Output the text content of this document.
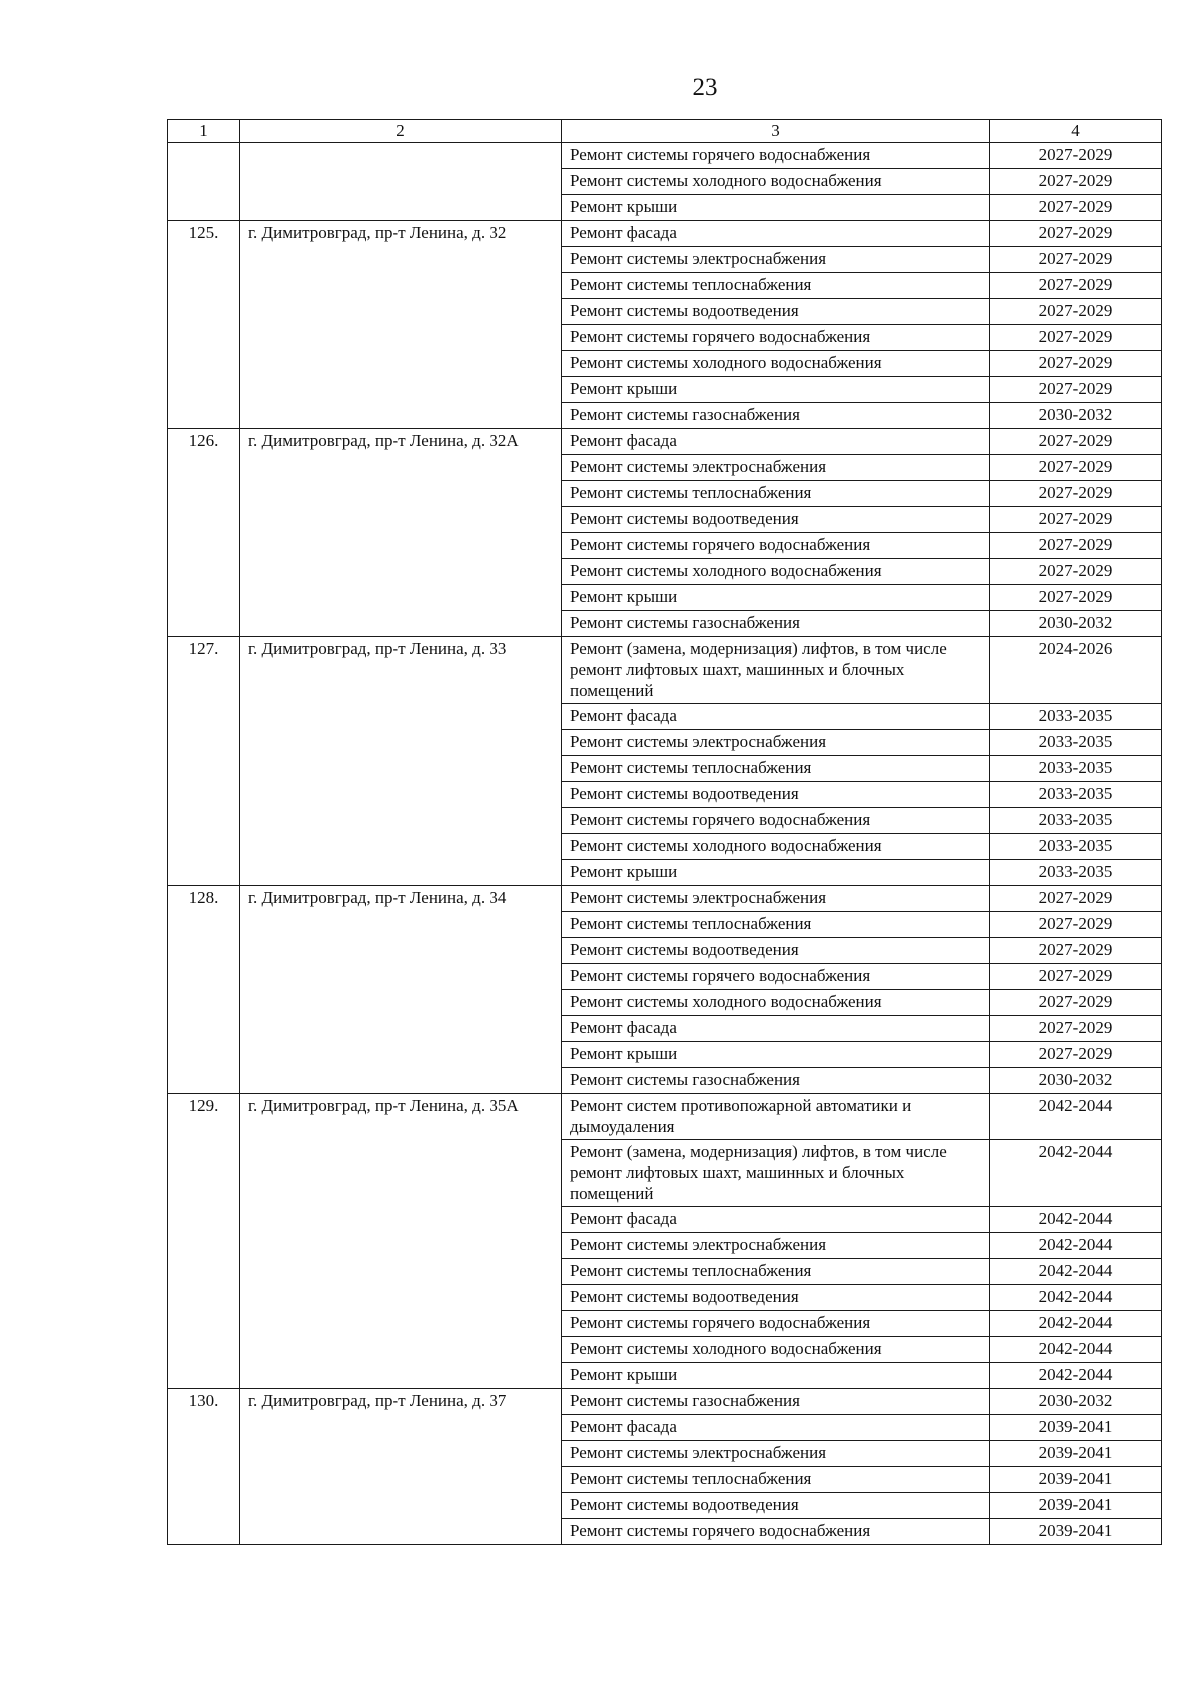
23
1	2	3	4
		Ремонт системы горячего водоснабжения	2027-2029
		Ремонт системы холодного водоснабжения	2027-2029
		Ремонт крыши	2027-2029
125.	г. Димитровград, пр-т Ленина, д. 32	Ремонт фасада	2027-2029
		Ремонт системы электроснабжения	2027-2029
		Ремонт системы теплоснабжения	2027-2029
		Ремонт системы водоотведения	2027-2029
		Ремонт системы горячего водоснабжения	2027-2029
		Ремонт системы холодного водоснабжения	2027-2029
		Ремонт крыши	2027-2029
		Ремонт системы газоснабжения	2030-2032
126.	г. Димитровград, пр-т Ленина, д. 32А	Ремонт фасада	2027-2029
		Ремонт системы электроснабжения	2027-2029
		Ремонт системы теплоснабжения	2027-2029
		Ремонт системы водоотведения	2027-2029
		Ремонт системы горячего водоснабжения	2027-2029
		Ремонт системы холодного водоснабжения	2027-2029
		Ремонт крыши	2027-2029
		Ремонт системы газоснабжения	2030-2032
127.	г. Димитровград, пр-т Ленина, д. 33	Ремонт (замена, модернизация) лифтов, в том числе ремонт лифтовых шахт, машинных и блочных помещений	2024-2026
		Ремонт фасада	2033-2035
		Ремонт системы электроснабжения	2033-2035
		Ремонт системы теплоснабжения	2033-2035
		Ремонт системы водоотведения	2033-2035
		Ремонт системы горячего водоснабжения	2033-2035
		Ремонт системы холодного водоснабжения	2033-2035
		Ремонт крыши	2033-2035
128.	г. Димитровград, пр-т Ленина, д. 34	Ремонт системы электроснабжения	2027-2029
		Ремонт системы теплоснабжения	2027-2029
		Ремонт системы водоотведения	2027-2029
		Ремонт системы горячего водоснабжения	2027-2029
		Ремонт системы холодного водоснабжения	2027-2029
		Ремонт фасада	2027-2029
		Ремонт крыши	2027-2029
		Ремонт системы газоснабжения	2030-2032
129.	г. Димитровград, пр-т Ленина, д. 35А	Ремонт систем противопожарной автоматики и дымоудаления	2042-2044
		Ремонт (замена, модернизация) лифтов, в том числе ремонт лифтовых шахт, машинных и блочных помещений	2042-2044
		Ремонт фасада	2042-2044
		Ремонт системы электроснабжения	2042-2044
		Ремонт системы теплоснабжения	2042-2044
		Ремонт системы водоотведения	2042-2044
		Ремонт системы горячего водоснабжения	2042-2044
		Ремонт системы холодного водоснабжения	2042-2044
		Ремонт крыши	2042-2044
130.	г. Димитровград, пр-т Ленина, д. 37	Ремонт системы газоснабжения	2030-2032
		Ремонт фасада	2039-2041
		Ремонт системы электроснабжения	2039-2041
		Ремонт системы теплоснабжения	2039-2041
		Ремонт системы водоотведения	2039-2041
		Ремонт системы горячего водоснабжения	2039-2041
